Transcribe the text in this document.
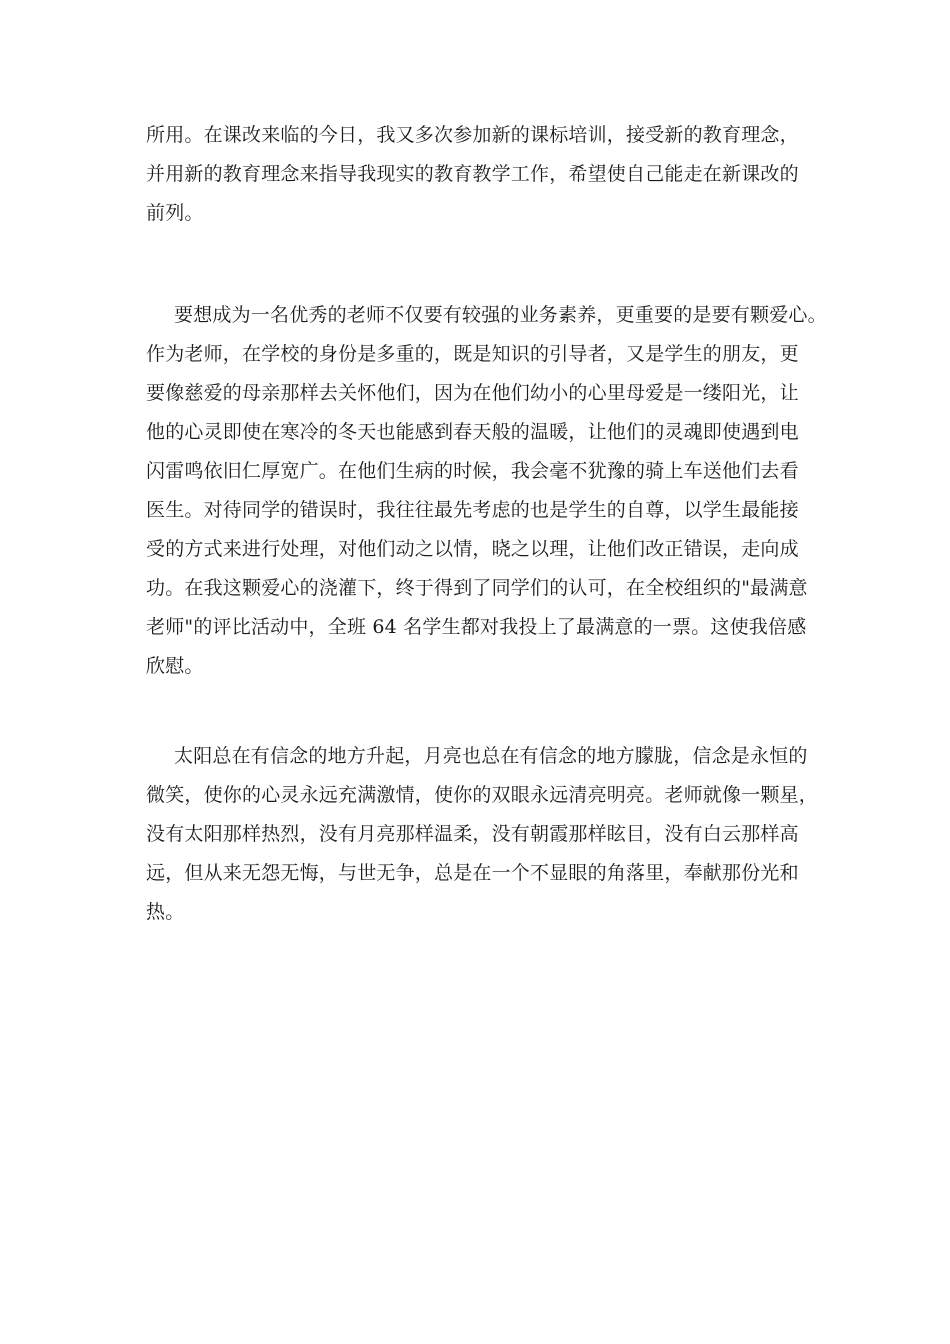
所用。在课改来临的今日，我又多次参加新的课标培训，接受新的教育理念，
并用新的教育理念来指导我现实的教育教学工作，希望使自己能走在新课改的
前列。
要想成为一名优秀的老师不仅要有较强的业务素养，更重要的是要有颗爱心。
作为老师，在学校的身份是多重的，既是知识的引导者，又是学生的朋友，更
要像慈爱的母亲那样去关怀他们，因为在他们幼小的心里母爱是一缕阳光，让
他的心灵即使在寒冷的冬天也能感到春天般的温暖，让他们的灵魂即使遇到电
闪雷鸣依旧仁厚宽广。在他们生病的时候，我会毫不犹豫的骑上车送他们去看
医生。对待同学的错误时，我往往最先考虑的也是学生的自尊，以学生最能接
受的方式来进行处理，对他们动之以情，晓之以理，让他们改正错误，走向成
功。在我这颗爱心的浇灌下，终于得到了同学们的认可，在全校组织的"最满意
老师"的评比活动中，全班 64 名学生都对我投上了最满意的一票。这使我倍感
欣慰。
太阳总在有信念的地方升起，月亮也总在有信念的地方朦胧，信念是永恒的
微笑，使你的心灵永远充满激情，使你的双眼永远清亮明亮。老师就像一颗星，
没有太阳那样热烈，没有月亮那样温柔，没有朝霞那样眩目，没有白云那样高
远，但从来无怨无悔，与世无争，总是在一个不显眼的角落里，奉献那份光和
热。
